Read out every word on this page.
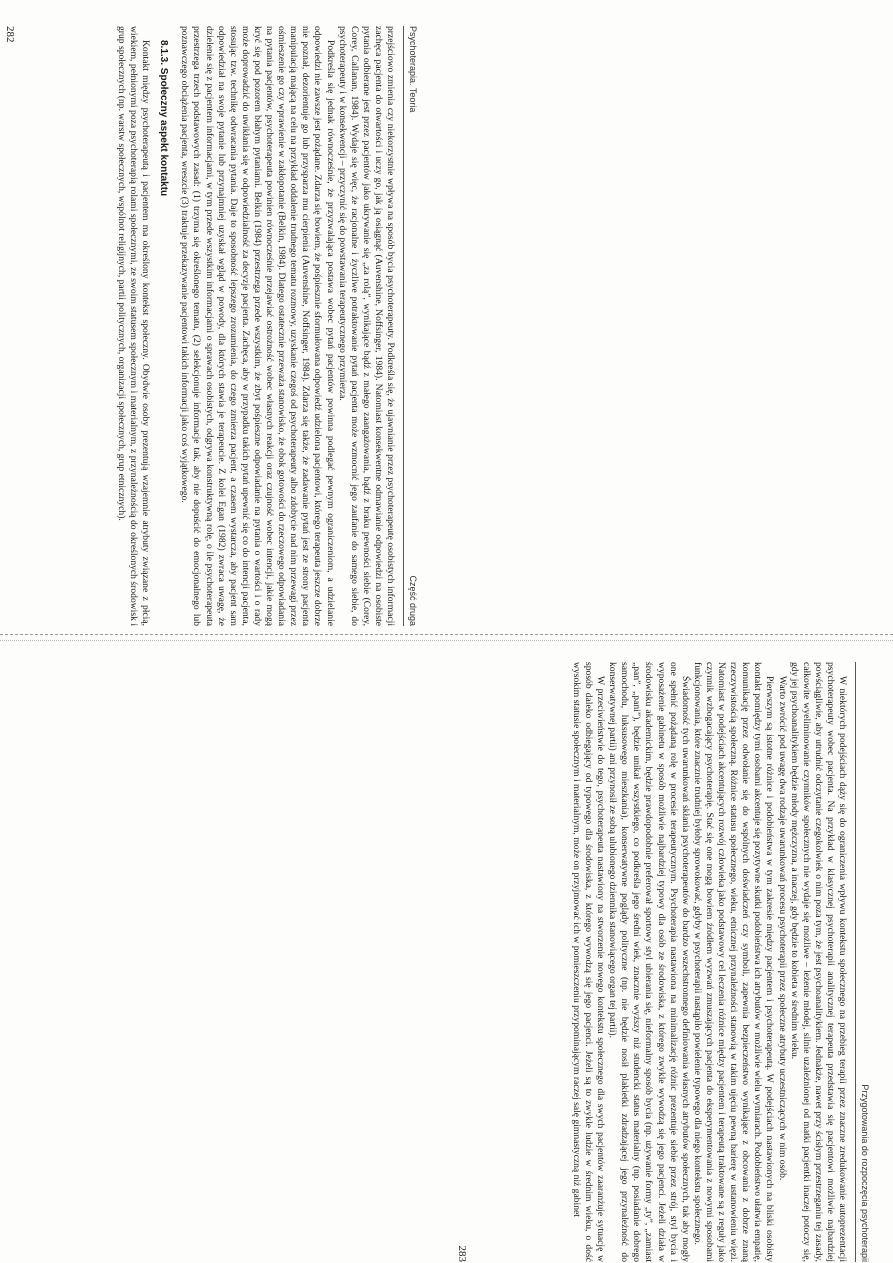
Psychoterapia. Teoria
Część druga

przejściowo zmienia czy niekorzystnie wpływa na sposób bycia psychoterapeuty. Podkreśla się, że ujawnianie przez psychoterapeutę osobistych informacji zachęca pacjenta do otwartości i uczy go, jak ją osiągnąć (Auvenshine, Noffsinger, 1984). Natomiast konsekwentne odmawianie odpowiedzi na osobiste pytania odbierane jest przez pacjentów jako ukrywanie się „za rolą”, wynikające bądź z małego zaangażowania, bądź z braku pewności siebie (Corey, Corey, Callanan, 1984). Wydaje się więc, że racjonalne i życzliwe potraktowanie pytań pacjenta może wzmocnić jego zaufanie do samego siebie, do psychoterapeuty i w konsekwencji – przyczynić się do powstawania terapeutycznego przymierza.

Podkreśla się jednak równocześnie, że przyzwalająca postawa wobec pytań pacjentów powinna podlegać pewnym ograniczeniom, a udzielanie odpowiedzi nie zawsze jest pożądane. Zdarza się bowiem, że pośpiesznie sformułowana odpowiedź udzielona pacjentowi, którego terapeuta jeszcze dobrze nie poznał, dezorientuje go lub przysparza mu cierpienia (Auvenshine, Noffsinger, 1984). Zdarza się także, że zadawanie pytań jest ze strony pacjenta manipulacją mającą na celu na przykład oddalenie trudnego tematu rozmowy, uzyskanie czegoś od psychoterapeuty albo zdobycie nad nim przewagi przez ośmieszenie go czy wprawienie w zakłopotanie (Belkin, 1984). Dlatego ostatecznie przeważa stanowisko, że obok gotowości do rzeczowego odpowiadania na pytania pacjentów, psychoterapeuta powinien równocześnie przejawiać ostrożność wobec własnych reakcji oraz czujność wobec intencji, jakie mogą kryć się pod pozorem błahym pytaniami. Belkin (1984) przestrzega przede wszystkim, że zbyt pośpieszne odpowiadanie na pytania o wartości i o rady może doprowadzić do uwikłania się w odpowiedzialność za decyzje pacjenta. Zachęca, aby w przypadku takich pytań upewnić się co do intencji pacjenta, stosując tzw. technikę odwracania pytania. Daje to sposobność lepszego zrozumienia, do czego zmierza pacjent, a czasem wystarcza, aby pacjent sam odpowiedział na swoje pytanie lub przynajmniej uzyskał wgląd w powody, dla których stawia je terapeucie. Z kolei Egan (1982) zwraca uwagę, że dzielenie się z pacjentem informacjami, w tym przede wszystkim informacjami o sprawach osobistych, odgrywa konstruktywną rolę, o ile psychoterapeuta przestrzega trzech podstawowych zasad: (1) trzyma się określonego tematu, (2) selekcjonuje informacje tak, aby nie dopuścić do emocjonalnego lub poznawczego obciążenia pacjenta, wreszcie (3) traktuje przekazywanie pacjentowi takich informacji jako coś wyjątkowego.

8.1.3. Społeczny aspekt kontaktu

Kontakt między psychoterapeutą i pacjentem ma określony kontekst społeczny. Obydwie osoby prezentują wzajemnie atrybuty związane z płcią, wiekiem, pełnionymi poza psychoterapią rolami społecznymi, ze swoim statusem społecznym i materialnym, z przynależnością do określonych środowisk i grup społecznych (np. warstw społecznych, wspólnot religijnych, partii politycznych, organizacji społecznych, grup etnicznych).

282
Przygotowania do rozpoczęcia psychoterapii

W niektórych podejściach dąży się do ograniczenia wpływu kontekstu społecznego na przebieg terapii przez znaczne zredukowanie autoprezentacji psychoterapeuty wobec pacjenta. Na przykład w klasycznej psychoterapii analitycznej terapeuta przedstawia się pacjentowi możliwie najbardziej powściągliwie, aby utrudnić odczytanie czegokolwiek o nim poza tym, że jest psychoanalitykiem. Jednakże, nawet przy ścisłym przestrzeganiu tej zasady, całkowite wyeliminowanie czynników społecznych nie wydaje się możliwe – leżenie młodej, silnie uzależnionej od matki pacjentki inaczej potoczy się, gdy jej psychoanalitykiem będzie młody mężczyzna, a inaczej, gdy będzie to kobieta w średnim wieku.

Warto zwrócić pod uwagę dwa rodzaje uwarunkowań procesu psychoterapii przez społeczne atrybuty uczestniczących w nim osób.

Pierwszym są istotne różnice i podobieństwa w tym zakresie między pacjentem i psychoterapeutą. W podejściach nastawionych na bliski osobisty kontakt pomiędzy tymi osobami akcentuje się pozytywne skutki podobieństwa ich atrybutów w możliwie wielu wymiarach. Podobieństwo ułatwia empatię, komunikację przez odwołanie się do wspólnych doświadczeń czy symboli, zapewnia bezpieczeństwo wynikające z obcowania z dobrze znaną rzeczywistością społeczną. Różnice statusu społecznego, wieku, etnicznej przynależności stanowią w takim ujęciu pewną barierę w ustanowieniu więzi. Natomiast w podejściach akcentujących rozwój człowieka jako podstawowy cel leczenia różnice między pacjentem i terapeutą traktowane są z reguły jako czynnik wzbogacający psychoterapię. Stać się one mogą bowiem źródłem wyzwań zmuszających pacjenta do eksperymentowania z nowymi sposobami funkcjonowania, które znacznie trudniej byłoby sprowokować, gdyby w psychoterapii nastąpiło powielenie typowego dla niego kontekstu społecznego.

Świadomość tych uwarunkowań skłania psychoterapeutów do bardzo wszechstronnego definiowania własnych atrybutów społecznych, tak aby mogły one spełnić pożądaną rolę w procesie terapeutycznym. Psychoterapia nastawiona na minimalizację różnic prezentuje siebie przez strój, styl bycia i wyposażenie gabinetu w sposób możliwie najbardziej typowy dla osób ze środowiska, z którego zwykle wywodzą się jego pacjenci. Jeżeli działa w środowisku akademickim, będzie prawdopodobnie preferował sportowy styl ubierania się, nieformalny sposób bycia (np. używanie formy „ty”, „zamiast „pan”, „pani”), będzie unikał wszystkiego, co podkreśla jego średni wiek, znacznie wyższy niż studencki status materialny (np. posiadanie dobrego samochodu, luksusowego mieszkania), konserwatywne poglądy polityczne (np. nie będzie nosił plakietki zdradzającej jego przynależność do konserwatywnej partii) ani przynosił ze sobą ulubionego dziennika stanowiącego organ tej partii).

W przeciwieństwie do tego, psychoterapeuta nastawiony na stworzenie nowego kontekstu społecznego dla swych pacjentów zaaranżuje sytuację w sposób daleko odbiegający od typowego dla środowiska, z którego wywodzą się jego pacjenci. Jeżeli są to zwykle ludzie w średnim wieku, o dość wysokim statusie społecznym i materialnym, może on przyjmować ich w pomieszczeniu przypominającym raczej salę gimnastyczną niż gabinet

283
